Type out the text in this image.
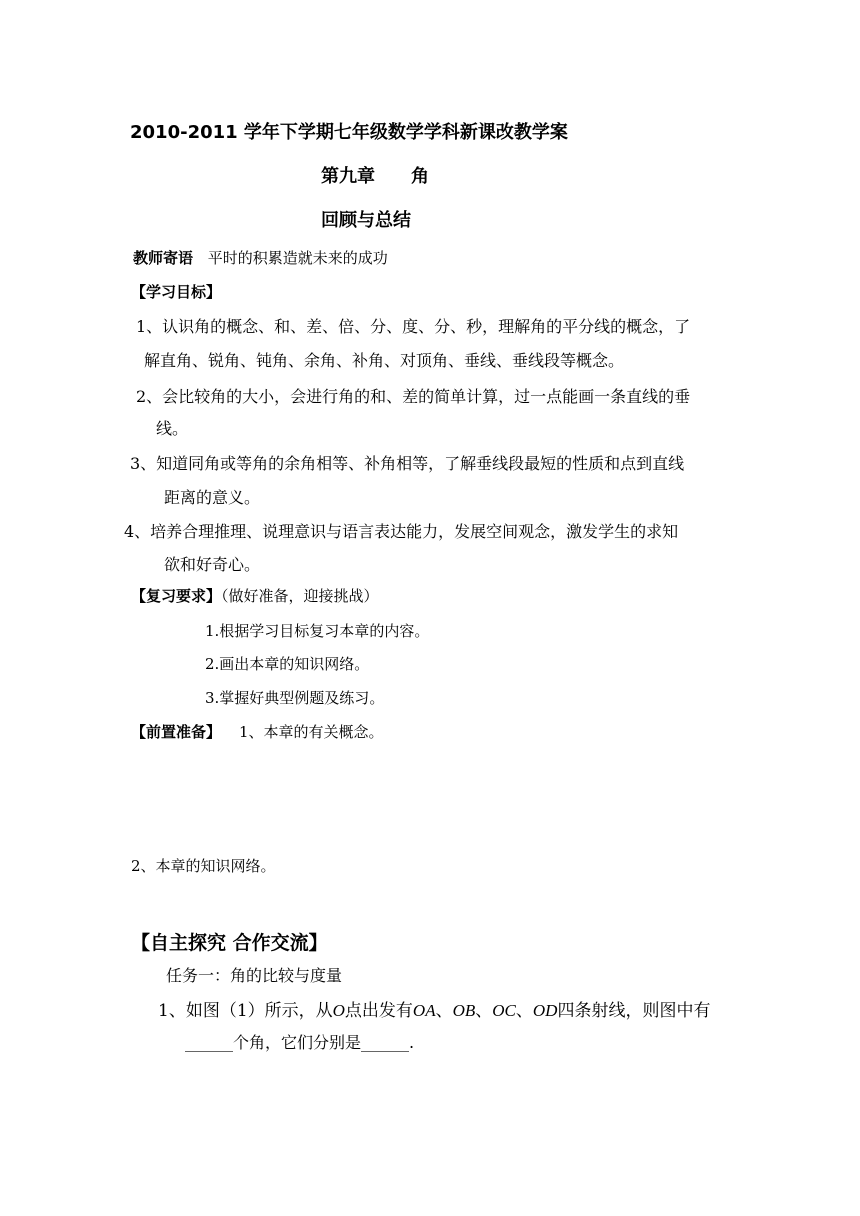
2010-2011 学年下学期七年级数学学科新课改教学案
第九章　　角
回顾与总结
教师寄语 平时的积累造就未来的成功
【学习目标】
1、认识角的概念、和、差、倍、分、度、分、秒，理解角的平分线的概念，了
解直角、锐角、钝角、余角、补角、对顶角、垂线、垂线段等概念。
2、会比较角的大小，会进行角的和、差的简单计算，过一点能画一条直线的垂
线。
3、知道同角或等角的余角相等、补角相等，了解垂线段最短的性质和点到直线
距离的意义。
4、培养合理推理、说理意识与语言表达能力，发展空间观念，激发学生的求知
欲和好奇心。
【复习要求】（做好准备，迎接挑战）
1.根据学习目标复习本章的内容。
2.画出本章的知识网络。
3.掌握好典型例题及练习。
【前置准备】 1、本章的有关概念。
2、本章的知识网络。
【自主探究 合作交流】
任务一：角的比较与度量
1、如图（1）所示，从O点出发有OA、OB、OC、OD四条射线，则图中有
______个角，它们分别是______.
